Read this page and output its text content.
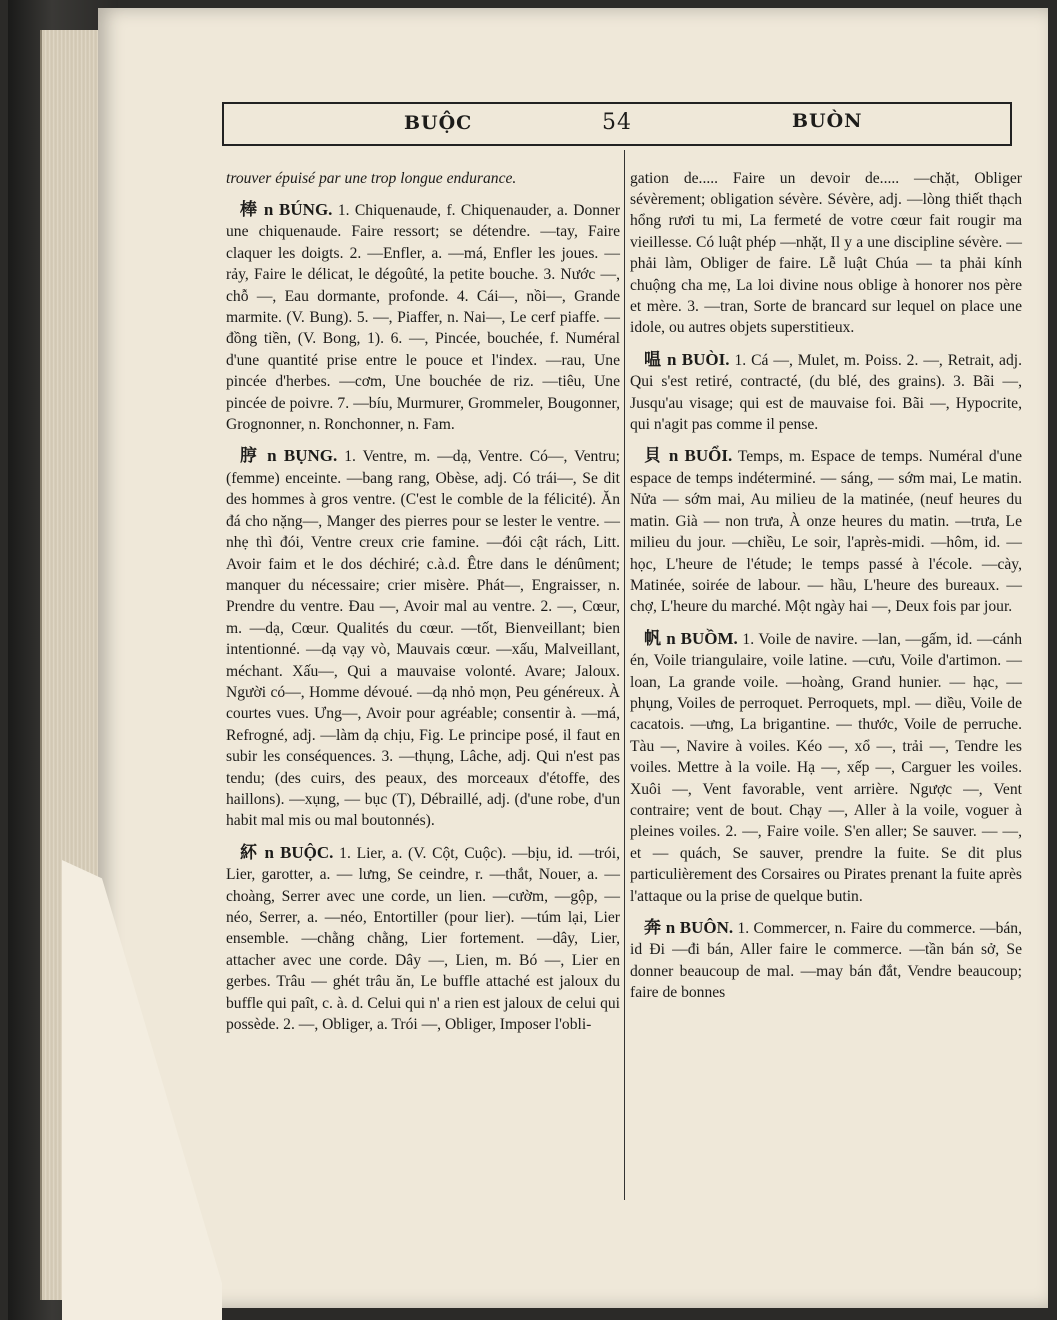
BUỘC	54	BUÒN

trouver épuisé par une trop longue endurance.

棒 n BÚNG. 1. Chiquenaude, f. Chiquenauder, a. Donner une chiquenaude. Faire ressort; se détendre. —tay, Faire claquer les doigts. 2. —Enfler, a. —má, Enfler les joues. —rảy, Faire le délicat, le dégoûté, la petite bouche. 3. Nước —, chỗ —, Eau dormante, profonde. 4. Cái—, nồi—, Grande marmite. (V. Bung). 5. —, Piaffer, n. Nai—, Le cerf piaffe. —đồng tiền, (V. Bong, 1). 6. —, Pincée, bouchée, f. Numéral d'une quantité prise entre le pouce et l'index. —rau, Une pincée d'herbes. —cơm, Une bouchée de riz. —tiêu, Une pincée de poivre. 7. —bíu, Murmurer, Grommeler, Bougonner, Grognonner, n. Ronchonner, n. Fam.

脝 n BỤNG. 1. Ventre, m. —dạ, Ventre. Có—, Ventru; (femme) enceinte. —bang rang, Obèse, adj. Có trái—, Se dit des hommes à gros ventre. (C'est le comble de la félicité). Ăn đá cho nặng—, Manger des pierres pour se lester le ventre. — nhẹ thì đói, Ventre creux crie famine. —đói cật rách, Litt. Avoir faim et le dos déchiré; c.à.d. Être dans le dénûment; manquer du nécessaire; crier misère. Phát—, Engraisser, n. Prendre du ventre. Đau —, Avoir mal au ventre. 2. —, Cœur, m. —dạ, Cœur. Qualités du cœur. —tốt, Bienveillant; bien intentionné. —dạ vạy vò, Mauvais cœur. —xấu, Malveillant, méchant. Xấu—, Qui a mauvaise volonté. Avare; Jaloux. Người có—, Homme dévoué. —dạ nhỏ mọn, Peu généreux. À courtes vues. Ưng—, Avoir pour agréable; consentir à. —má, Refrogné, adj. —làm dạ chịu, Fig. Le principe posé, il faut en subir les conséquences. 3. —thụng, Lâche, adj. Qui n'est pas tendu; (des cuirs, des peaux, des morceaux d'étoffe, des haillons). —xụng, — bục (T), Débraillé, adj. (d'une robe, d'un habit mal mis ou mal boutonnés).

紑 n BUỘC. 1. Lier, a. (V. Cột, Cuộc). —bịu, id. —trói, Lier, garotter, a. — lưng, Se ceindre, r. —thắt, Nouer, a. —choàng, Serrer avec une corde, un lien. —cườm, —gộp, —néo, Serrer, a. —néo, Entortiller (pour lier). —túm lại, Lier ensemble. —chằng chằng, Lier fortement. —dây, Lier, attacher avec une corde. Dây —, Lien, m. Bó —, Lier en gerbes. Trâu — ghét trâu ăn, Le buffle attaché est jaloux du buffle qui paît, c. à. d. Celui qui n' a rien est jaloux de celui qui possède. 2. —, Obliger, a. Trói —, Obliger, Imposer l'obli-

gation de..... Faire un devoir de..... —chặt, Obliger sévèrement; obligation sévère. Sévère, adj. —lòng thiết thạch hổng rươi tu mi, La fermeté de votre cœur fait rougir ma vieillesse. Có luật phép —nhặt, Il y a une discipline sévère. — phải làm, Obliger de faire. Lễ luật Chúa — ta phải kính chuộng cha mẹ, La loi divine nous oblige à honorer nos père et mère. 3. —tran, Sorte de brancard sur lequel on place une idole, ou autres objets superstitieux.

嗢 n BUÒI. 1. Cá —, Mulet, m. Poiss. 2. —, Retrait, adj. Qui s'est retiré, contracté, (du blé, des grains). 3. Bãi —, Jusqu'au visage; qui est de mauvaise foi. Bãi —, Hypocrite, qui n'agit pas comme il pense.

貝 n BUỔI. Temps, m. Espace de temps. Numéral d'une espace de temps indéterminé. — sáng, — sớm mai, Le matin. Nửa — sớm mai, Au milieu de la matinée, (neuf heures du matin. Già — non trưa, À onze heures du matin. —trưa, Le milieu du jour. —chiều, Le soir, l'après-midi. —hôm, id. —học, L'heure de l'étude; le temps passé à l'école. —cày, Matinée, soirée de labour. — hầu, L'heure des bureaux. — chợ, L'heure du marché. Một ngày hai —, Deux fois par jour.

帆 n BUỒM. 1. Voile de navire. —lan, —gấm, id. —cánh én, Voile triangulaire, voile latine. —cưu, Voile d'artimon. —loan, La grande voile. —hoàng, Grand hunier. — hạc, — phụng, Voiles de perroquet. Perroquets, mpl. — diều, Voile de cacatois. —ưng, La brigantine. — thước, Voile de perruche. Tàu —, Navire à voiles. Kéo —, xổ —, trải —, Tendre les voiles. Mettre à la voile. Hạ —, xếp —, Carguer les voiles. Xuôi —, Vent favorable, vent arrière. Ngược —, Vent contraire; vent de bout. Chạy —, Aller à la voile, voguer à pleines voiles. 2. —, Faire voile. S'en aller; Se sauver. — —, et — quách, Se sauver, prendre la fuite. Se dit plus particulièrement des Corsaires ou Pirates prenant la fuite après l'attaque ou la prise de quelque butin.

奔 n BUÔN. 1. Commercer, n. Faire du commerce. —bán, id Đi —đi bán, Aller faire le commerce. —tần bán sở, Se donner beaucoup de mal. —may bán đắt, Vendre beaucoup; faire de bonnes
